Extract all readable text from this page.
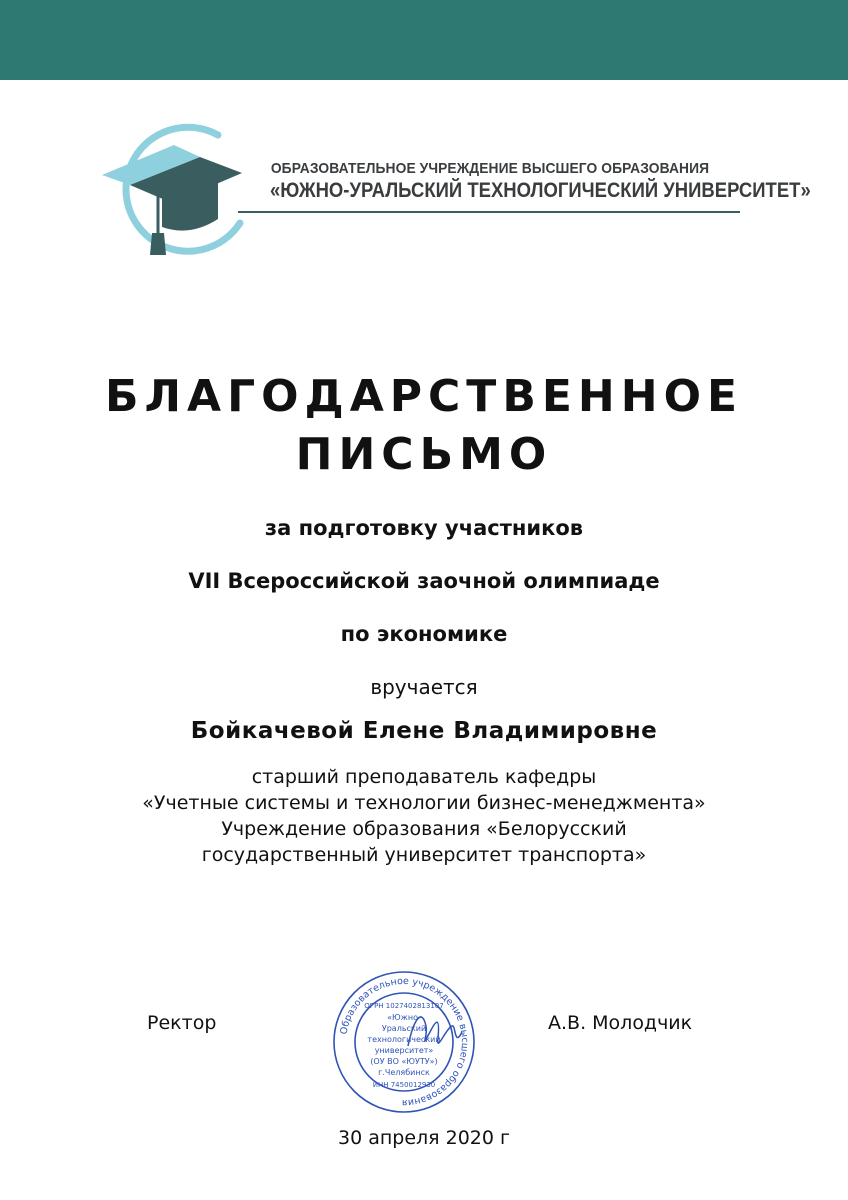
ОБРАЗОВАТЕЛЬНОЕ УЧРЕЖДЕНИЕ ВЫСШЕГО ОБРАЗОВАНИЯ
«ЮЖНО-УРАЛЬСКИЙ ТЕХНОЛОГИЧЕСКИЙ УНИВЕРСИТЕТ»
БЛАГОДАРСТВЕННОЕ
ПИСЬМО
за подготовку участников
VII Всероссийской заочной олимпиаде
по экономике
вручается
Бойкачевой Елене Владимировне
старший преподаватель кафедры
«Учетные системы и технологии бизнес-менеджмента»
Учреждение образования «Белорусский
государственный университет транспорта»
Ректор	А.В. Молодчик
Образовательное учреждение высшего образования
ОГРН 1027402813107
«Южно-
Уральский
технологический
университет»
(ОУ ВО «ЮУТУ»)
г.Челябинск
ИНН 7450012930
30 апреля 2020 г
